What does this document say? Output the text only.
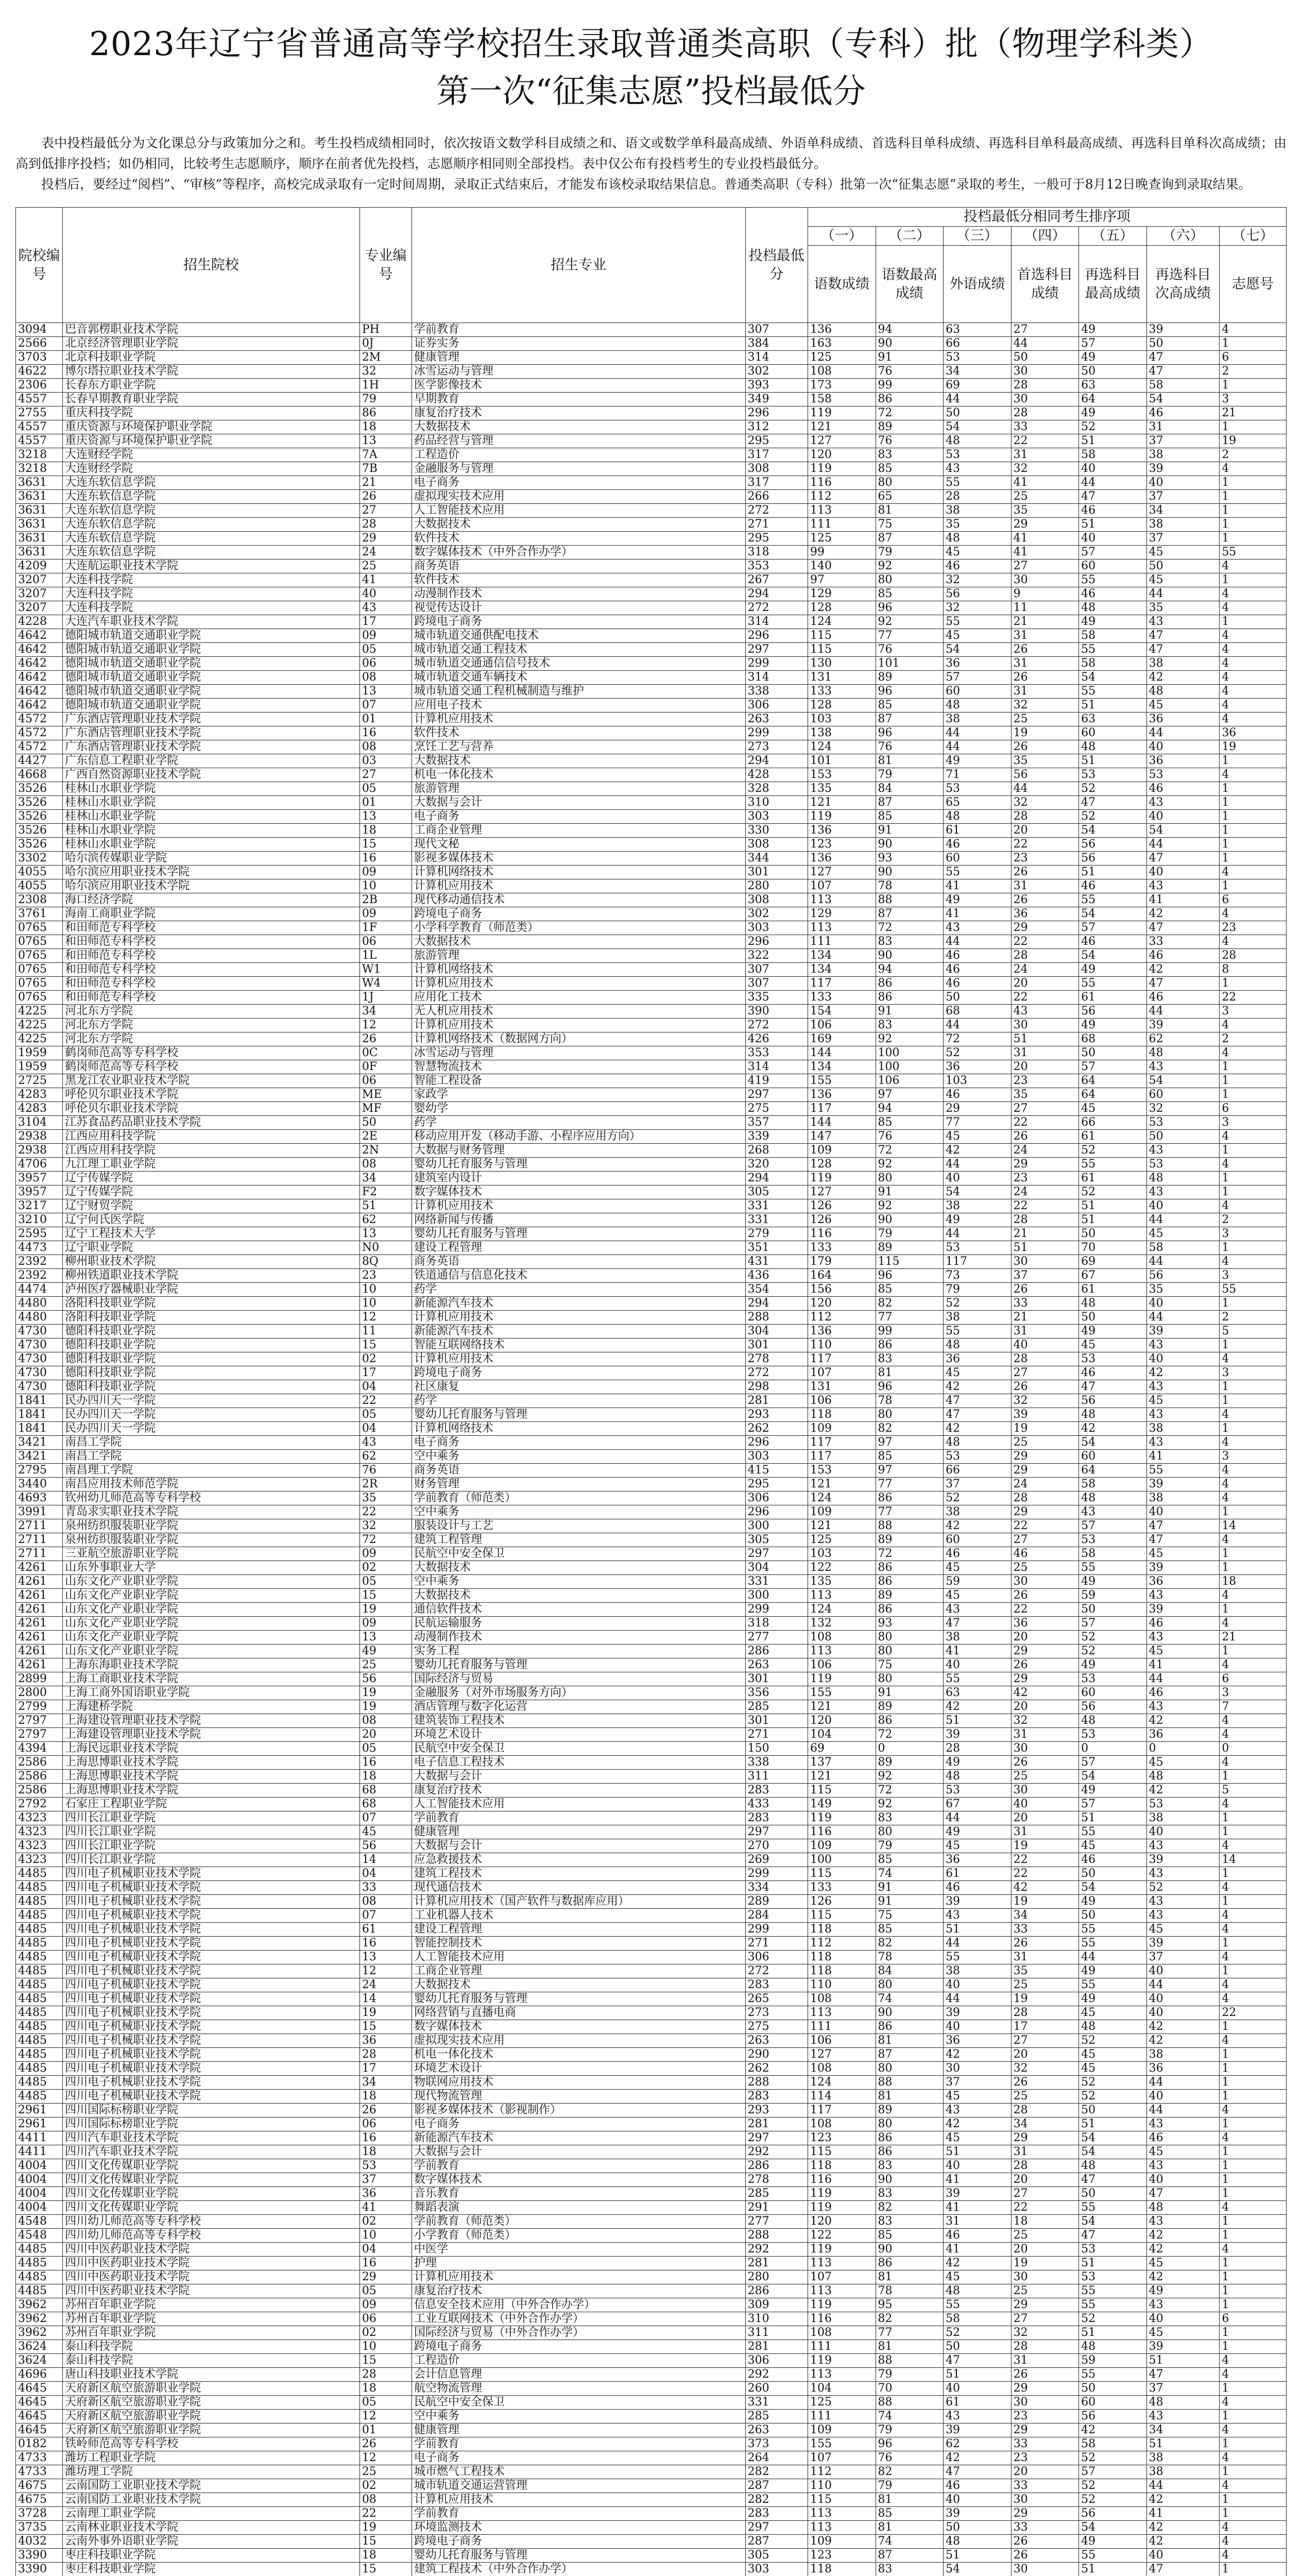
2023年辽宁省普通高等学校招生录取普通类高职（专科）批（物理学科类）
第一次“征集志愿”投档最低分

表中投档最低分为文化课总分与政策加分之和。考生投档成绩相同时，依次按语文数学科目成绩之和、语文或数学单科最高成绩、外语单科成绩、首选科目单科成绩、再选科目单科最高成绩、再选科目单科次高成绩；由高到低排序投档；如仍相同，比较考生志愿顺序，顺序在前者优先投档，志愿顺序相同则全部投档。表中仅公布有投档考生的专业投档最低分。

投档后，要经过“阅档”、“审核”等程序，高校完成录取有一定时间周期，录取正式结束后，才能发布该校录取结果信息。普通类高职（专科）批第一次“征集志愿”录取的考生，一般可于8月12日晚查询到录取结果。

院校编号	招生院校	专业编号	招生专业	投档最低分	投档最低分相同考生排序项						
					（一）	（二）	（三）	（四）	（五）	（六）	（七）
					语数成绩	语数最高成绩	外语成绩	首选科目成绩	再选科目最高成绩	再选科目次高成绩	志愿号
3094	巴音郭楞职业技术学院	PH	学前教育	307	136	94	63	27	49	39	4
2566	北京经济管理职业学院	0J	证券实务	384	163	90	66	44	57	50	1
3703	北京科技职业学院	2M	健康管理	314	125	91	53	50	49	47	6
4622	博尔塔拉职业技术学院	32	冰雪运动与管理	302	108	76	34	30	50	47	2
2306	长春东方职业学院	1H	医学影像技术	393	173	99	69	28	63	58	1
4557	长春早期教育职业学院	79	早期教育	349	158	86	44	30	64	54	3
2755	重庆科技学院	86	康复治疗技术	296	119	72	50	28	49	46	21
4557	重庆资源与环境保护职业学院	18	大数据技术	312	121	89	54	33	52	31	1
4557	重庆资源与环境保护职业学院	13	药品经营与管理	295	127	76	48	22	51	37	19
3218	大连财经学院	7A	工程造价	317	120	83	53	31	58	38	2
3218	大连财经学院	7B	金融服务与管理	308	119	85	43	32	40	39	4
3631	大连东软信息学院	21	电子商务	317	116	80	55	41	44	40	1
3631	大连东软信息学院	26	虚拟现实技术应用	266	112	65	28	25	47	37	1
3631	大连东软信息学院	27	人工智能技术应用	272	113	81	38	35	46	34	1
3631	大连东软信息学院	28	大数据技术	271	111	75	35	29	51	38	1
3631	大连东软信息学院	29	软件技术	295	125	87	48	41	40	37	1
3631	大连东软信息学院	24	数字媒体技术（中外合作办学）	318	99	79	45	41	57	45	55
4209	大连航运职业技术学院	25	商务英语	353	140	92	46	27	60	50	4
3207	大连科技学院	41	软件技术	267	97	80	32	30	55	45	1
3207	大连科技学院	40	动漫制作技术	294	129	85	56	9	46	44	4
3207	大连科技学院	43	视觉传达设计	272	128	96	32	11	48	35	4
4228	大连汽车职业技术学院	17	跨境电子商务	314	124	92	55	21	49	43	1
4642	德阳城市轨道交通职业学院	09	城市轨道交通供配电技术	296	115	77	45	31	58	47	4
4642	德阳城市轨道交通职业学院	05	城市轨道交通工程技术	297	115	76	54	26	55	47	4
4642	德阳城市轨道交通职业学院	06	城市轨道交通通信信号技术	299	130	101	36	31	58	38	4
4642	德阳城市轨道交通职业学院	08	城市轨道交通车辆技术	314	131	89	57	26	54	42	4
4642	德阳城市轨道交通职业学院	13	城市轨道交通工程机械制造与维护	338	133	96	60	31	55	48	4
4642	德阳城市轨道交通职业学院	07	应用电子技术	306	128	85	48	32	51	45	4
4572	广东酒店管理职业技术学院	01	计算机应用技术	263	103	87	38	25	63	36	4
4572	广东酒店管理职业技术学院	16	软件技术	299	138	96	44	19	60	44	36
4572	广东酒店管理职业技术学院	08	烹饪工艺与营养	273	124	76	44	26	48	40	19
4427	广东信息工程职业学院	03	大数据技术	294	101	81	49	35	51	36	1
4668	广西自然资源职业技术学院	27	机电一体化技术	428	153	79	71	56	53	53	4
3526	桂林山水职业学院	05	旅游管理	328	135	84	53	44	52	46	1
3526	桂林山水职业学院	01	大数据与会计	310	121	87	65	32	47	43	1
3526	桂林山水职业学院	13	电子商务	303	119	85	48	28	52	40	1
3526	桂林山水职业学院	18	工商企业管理	330	136	91	61	20	54	54	1
3526	桂林山水职业学院	15	现代文秘	308	123	90	46	22	56	44	1
3302	哈尔滨传媒职业学院	16	影视多媒体技术	344	136	93	60	23	56	47	1
4055	哈尔滨应用职业技术学院	09	计算机网络技术	301	127	90	55	26	51	40	4
4055	哈尔滨应用职业技术学院	10	计算机应用技术	280	107	78	41	31	46	43	1
2308	海口经济学院	2B	现代移动通信技术	308	113	88	49	26	55	41	6
3761	海南工商职业学院	09	跨境电子商务	302	129	87	41	36	54	42	4
0765	和田师范专科学校	1F	小学科学教育（师范类）	303	113	72	43	29	57	47	23
0765	和田师范专科学校	06	大数据技术	296	111	83	44	22	46	33	4
0765	和田师范专科学校	1L	旅游管理	322	134	90	46	28	54	46	28
0765	和田师范专科学校	W1	计算机网络技术	307	134	94	46	24	49	42	8
0765	和田师范专科学校	W4	计算机应用技术	307	117	86	46	20	55	47	1
0765	和田师范专科学校	1J	应用化工技术	335	133	86	50	22	61	46	22
4225	河北东方学院	34	无人机应用技术	390	154	91	68	43	56	44	3
4225	河北东方学院	12	计算机应用技术	272	106	83	44	30	49	39	4
4225	河北东方学院	26	计算机网络技术（数据网方向）	426	169	92	72	51	68	62	2
1959	鹤岗师范高等专科学校	0C	冰雪运动与管理	353	144	100	52	31	50	48	4
1959	鹤岗师范高等专科学校	0F	智慧物流技术	314	134	100	36	20	57	43	1
2725	黑龙江农业职业技术学院	06	智能工程设备	419	155	106	103	23	64	54	1
4283	呼伦贝尔职业技术学院	ME	家政学	297	136	97	46	35	64	60	1
4283	呼伦贝尔职业技术学院	MF	婴幼学	275	117	94	29	27	45	32	6
3104	江苏食品药品职业技术学院	50	药学	357	144	85	77	22	66	53	3
2938	江西应用科技学院	2E	移动应用开发（移动手游、小程序应用方向）	339	147	76	45	26	61	50	4
2938	江西应用科技学院	2N	大数据与财务管理	268	109	72	42	24	52	43	1
4706	九江理工职业学院	08	婴幼儿托育服务与管理	320	128	92	44	29	55	53	4
3957	辽宁传媒学院	34	建筑室内设计	294	119	80	40	23	61	48	1
3957	辽宁传媒学院	F2	数字媒体技术	305	127	91	54	24	52	43	1
3217	辽宁财贸学院	51	计算机应用技术	331	126	92	38	22	51	40	4
3210	辽宁何氏医学院	62	网络新闻与传播	331	126	90	49	28	51	44	2
2595	辽宁工程技术大学	13	婴幼儿托育服务与管理	279	116	79	44	21	50	45	3
4473	辽宁职业学院	N0	建设工程管理	351	133	89	53	51	70	58	1
2392	柳州职业技术学院	8Q	商务英语	431	179	115	117	30	69	44	4
2392	柳州铁道职业技术学院	23	铁道通信与信息化技术	436	164	96	73	37	67	56	3
4474	泸州医疗器械职业学院	10	药学	354	156	85	79	26	61	35	55
4480	洛阳科技职业学院	10	新能源汽车技术	294	120	82	52	33	48	40	1
4480	洛阳科技职业学院	12	计算机应用技术	288	112	77	38	21	50	44	2
4730	德阳科技职业学院	11	新能源汽车技术	304	136	99	55	31	49	39	5
4730	德阳科技职业学院	15	智能互联网络技术	301	110	86	48	40	45	43	1
4730	德阳科技职业学院	02	计算机应用技术	278	117	83	36	28	53	40	4
4730	德阳科技职业学院	17	跨境电子商务	272	107	81	45	27	46	42	3
4730	德阳科技职业学院	04	社区康复	298	131	96	42	26	47	43	1
1841	民办四川天一学院	22	药学	281	106	78	47	32	56	45	1
1841	民办四川天一学院	05	婴幼儿托育服务与管理	293	118	80	47	39	48	43	4
1841	民办四川天一学院	04	计算机网络技术	262	109	82	42	19	42	38	1
3421	南昌工学院	43	电子商务	296	117	97	48	25	54	43	4
3421	南昌工学院	62	空中乘务	303	117	85	53	29	60	41	3
2795	南昌理工学院	76	商务英语	415	153	97	66	29	64	55	4
3440	南昌应用技术师范学院	2R	财务管理	295	121	77	37	24	58	39	4
4693	钦州幼儿师范高等专科学校	35	学前教育（师范类）	306	124	86	52	28	48	38	4
3991	青岛求实职业技术学院	22	空中乘务	296	109	77	38	29	43	40	1
2711	泉州纺织服装职业学院	32	服装设计与工艺	300	121	88	42	22	57	47	14
2711	泉州纺织服装职业学院	72	建筑工程管理	305	125	89	60	27	53	47	4
2711	三亚航空旅游职业学院	09	民航空中安全保卫	297	103	72	46	46	58	45	1
4261	山东外事职业大学	02	大数据技术	304	122	86	45	25	55	39	1
4261	山东文化产业职业学院	05	空中乘务	331	135	86	59	30	49	36	18
4261	山东文化产业职业学院	15	大数据技术	300	113	89	45	26	59	43	4
4261	山东文化产业职业学院	19	通信软件技术	299	124	86	43	22	50	39	1
4261	山东文化产业职业学院	09	民航运输服务	318	132	93	47	36	57	46	4
4261	山东文化产业职业学院	13	动漫制作技术	277	108	80	38	20	52	43	21
4261	山东文化产业职业学院	49	实务工程	286	113	80	41	29	52	45	1
4261	上海东海职业技术学院	25	婴幼儿托育服务与管理	263	106	75	40	26	49	41	4
2899	上海工商职业技术学院	56	国际经济与贸易	301	119	80	55	29	53	44	6
2800	上海工商外国语职业学院	19	金融服务（对外市场服务方向）	356	155	91	63	42	60	46	3
2799	上海建桥学院	19	酒店管理与数字化运营	285	121	89	42	20	56	43	7
2797	上海建设管理职业技术学院	08	建筑装饰工程技术	301	120	86	51	32	48	42	4
2797	上海建设管理职业技术学院	20	环境艺术设计	271	104	72	39	31	53	36	4
4394	上海民远职业技术学院	05	民航空中安全保卫	150	69	0	28	30	0	0	0
2586	上海思博职业技术学院	16	电子信息工程技术	338	137	89	49	26	57	45	4
2586	上海思博职业技术学院	18	大数据与会计	311	121	92	48	25	54	48	1
2586	上海思博职业技术学院	68	康复治疗技术	283	115	72	53	30	49	42	5
2792	石家庄工程职业学院	68	人工智能技术应用	433	149	92	67	40	57	53	4
4323	四川长江职业学院	07	学前教育	283	119	83	44	20	51	38	1
4323	四川长江职业学院	45	健康管理	297	116	80	49	31	55	40	1
4323	四川长江职业学院	56	大数据与会计	270	109	79	45	19	45	43	4
4323	四川长江职业学院	14	应急救援技术	269	100	85	36	22	46	39	14
4485	四川电子机械职业技术学院	04	建筑工程技术	299	115	74	61	22	50	43	1
4485	四川电子机械职业技术学院	33	现代通信技术	334	133	91	46	42	54	52	4
4485	四川电子机械职业技术学院	08	计算机应用技术（国产软件与数据库应用）	289	126	91	39	19	49	43	1
4485	四川电子机械职业技术学院	07	工业机器人技术	284	115	75	43	34	50	43	4
4485	四川电子机械职业技术学院	61	建设工程管理	299	118	85	51	33	55	45	4
4485	四川电子机械职业技术学院	16	智能控制技术	271	112	82	44	26	55	39	1
4485	四川电子机械职业技术学院	13	人工智能技术应用	306	118	78	55	31	44	37	4
4485	四川电子机械职业技术学院	12	工商企业管理	272	118	84	38	35	49	40	1
4485	四川电子机械职业技术学院	24	大数据技术	283	110	80	40	25	55	44	4
4485	四川电子机械职业技术学院	14	婴幼儿托育服务与管理	265	108	74	44	19	49	40	4
4485	四川电子机械职业技术学院	19	网络营销与直播电商	273	113	90	39	28	45	40	22
4485	四川电子机械职业技术学院	15	数字媒体技术	275	111	86	40	17	48	42	1
4485	四川电子机械职业技术学院	36	虚拟现实技术应用	263	106	81	36	27	52	42	4
4485	四川电子机械职业技术学院	28	机电一体化技术	290	127	87	42	20	45	38	1
4485	四川电子机械职业技术学院	17	环境艺术设计	262	108	80	30	32	45	36	1
4485	四川电子机械职业技术学院	34	物联网应用技术	288	124	88	37	26	52	44	1
4485	四川电子机械职业技术学院	18	现代物流管理	283	114	81	45	25	52	40	1
2961	四川国际标榜职业学院	26	影视多媒体技术（影视制作）	293	117	89	43	28	50	44	4
2961	四川国际标榜职业学院	06	电子商务	281	108	80	42	34	51	43	1
4411	四川汽车职业技术学院	16	新能源汽车技术	297	123	86	45	29	54	46	4
4411	四川汽车职业技术学院	18	大数据与会计	292	115	86	51	31	54	45	1
4004	四川文化传媒职业学院	53	学前教育	286	118	83	40	28	48	43	1
4004	四川文化传媒职业学院	37	数字媒体技术	278	116	90	41	20	47	40	1
4004	四川文化传媒职业学院	36	音乐教育	285	119	83	39	27	50	47	1
4004	四川文化传媒职业学院	41	舞蹈表演	291	119	82	41	22	55	48	4
4548	四川幼儿师范高等专科学校	02	学前教育（师范类）	277	120	83	31	18	54	43	1
4548	四川幼儿师范高等专科学校	10	小学教育（师范类）	288	122	85	46	25	47	42	1
4485	四川中医药职业技术学院	04	中医学	292	119	90	41	20	53	42	4
4485	四川中医药职业技术学院	16	护理	281	113	86	42	19	51	45	1
4485	四川中医药职业技术学院	29	计算机应用技术	280	107	81	45	30	53	42	1
4485	四川中医药职业技术学院	05	康复治疗技术	286	113	78	48	25	55	49	1
3962	苏州百年职业学院	09	信息安全技术应用（中外合作办学）	309	119	95	55	29	55	43	1
3962	苏州百年职业学院	06	工业互联网技术（中外合作办学）	310	116	82	58	27	52	40	6
3962	苏州百年职业学院	02	国际经济与贸易（中外合作办学）	311	108	77	52	32	51	45	1
3624	泰山科技学院	10	跨境电子商务	281	111	81	50	28	48	39	1
3624	泰山科技学院	15	工程造价	306	119	88	47	31	59	51	4
4696	唐山科技职业技术学院	28	会计信息管理	292	113	79	51	26	55	47	4
4645	天府新区航空旅游职业学院	18	航空物流管理	260	104	70	40	29	50	37	1
4645	天府新区航空旅游职业学院	05	民航空中安全保卫	331	125	88	61	30	60	48	4
4645	天府新区航空旅游职业学院	12	空中乘务	285	111	74	43	23	56	43	1
4645	天府新区航空旅游职业学院	01	健康管理	263	109	79	39	29	42	34	4
0182	铁岭师范高等专科学校	26	学前教育	373	155	96	62	33	58	51	1
4733	潍坊工程职业学院	12	电子商务	264	107	76	42	23	52	38	4
4733	潍坊理工学院	25	城市燃气工程技术	282	112	82	47	20	57	38	1
4675	云南国防工业职业技术学院	02	城市轨道交通运营管理	287	110	79	46	33	52	44	4
4675	云南国防工业职业技术学院	08	计算机应用技术	282	115	81	40	30	52	42	1
3728	云南理工职业学院	22	学前教育	283	113	85	39	29	56	41	1
3735	云南林业职业技术学院	19	环境监测技术	297	113	81	50	33	54	42	4
4032	云南外事外语职业学院	15	跨境电子商务	287	109	74	48	26	49	42	4
3390	枣庄科技职业学院	18	婴幼儿托育服务与管理	305	123	87	51	26	55	40	4
3390	枣庄科技职业学院	15	建筑工程技术（中外合作办学）	303	118	83	54	30	51	47	1
